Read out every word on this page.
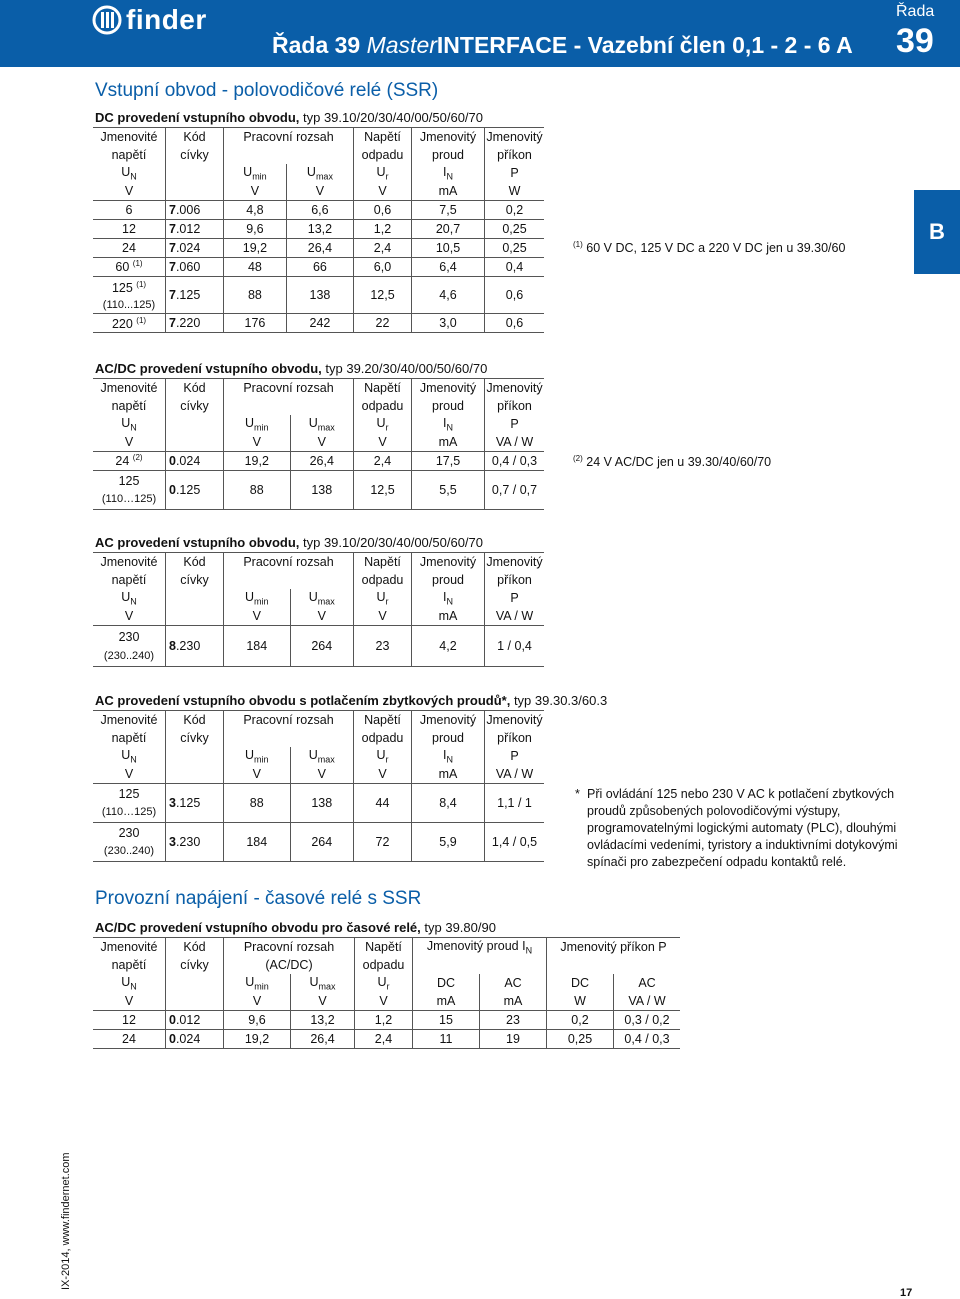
finder
Řada 39 MasterINTERFACE - Vazební člen 0,1 - 2 - 6 A
Řada
39
B
Vstupní obvod - polovodičové relé (SSR)
DC provedení vstupního obvodu, typ 39.10/20/30/40/00/50/60/70
Jmenovité	Kód	Pracovní rozsah		Napětí	Jmenovitý	Jmenovitý
napětí	cívky			odpadu	proud	příkon
$U_N$		$U_{min}$	$U_{max}$	$U_r$	$I_N$	P
V		V	V	V	mA	W
6	7.006	4,8	6,6	0,6	7,5	0,2
12	7.012	9,6	13,2	1,2	20,7	0,25
24	7.024	19,2	26,4	2,4	10,5	0,25
60 $^{(1)}$	7.060	48	66	6,0	6,4	0,4
125 $^{(1)}$
(110...125)	7.125	88	138	12,5	4,6	0,6
220 $^{(1)}$	7.220	176	242	22	3,0	0,6
$^{(1)}$ 60 V DC, 125 V DC a 220 V DC jen u 39.30/60
AC/DC provedení vstupního obvodu, typ 39.20/30/40/00/50/60/70
Jmenovité	Kód	Pracovní rozsah		Napětí	Jmenovitý	Jmenovitý
napětí	cívky			odpadu	proud	příkon
$U_N$		$U_{min}$	$U_{max}$	$U_r$	$I_N$	P
V		V	V	V	mA	VA / W
24 $^{(2)}$	0.024	19,2	26,4	2,4	17,5	0,4 / 0,3
125
(110…125)	0.125	88	138	12,5	5,5	0,7 / 0,7
$^{(2)}$ 24 V AC/DC jen u 39.30/40/60/70
AC provedení vstupního obvodu, typ 39.10/20/30/40/00/50/60/70
Jmenovité	Kód	Pracovní rozsah		Napětí	Jmenovitý	Jmenovitý
napětí	cívky			odpadu	proud	příkon
$U_N$		$U_{min}$	$U_{max}$	$U_r$	$I_N$	P
V		V	V	V	mA	VA / W
230
(230..240)	8.230	184	264	23	4,2	1 / 0,4
AC provedení vstupního obvodu s potlačením zbytkových proudů*, typ 39.30.3/60.3
Jmenovité	Kód	Pracovní rozsah		Napětí	Jmenovitý	Jmenovitý
napětí	cívky			odpadu	proud	příkon
$U_N$		$U_{min}$	$U_{max}$	$U_r$	$I_N$	P
V		V	V	V	mA	VA / W
125
(110…125)	3.125	88	138	44	8,4	1,1 / 1
230
(230..240)	3.230	184	264	72	5,9	1,4 / 0,5
* Při ovládání 125 nebo 230 V AC k potlačení zbytkových proudů způsobených polovodičovými výstupy, programovatelnými logickými automaty (PLC), dlouhými ovládacími vedeními, tyristory a induktivními dotykovými spínači pro zabezpečení odpadu kontaktů relé.
Provozní napájení - časové relé s SSR
AC/DC provedení vstupního obvodu pro časové relé, typ 39.80/90
Jmenovité	Kód	Pracovní rozsah		Napětí	Jmenovitý proud $I_N$		Jmenovitý příkon P	
napětí	cívky	(AC/DC)		odpadu				
$U_N$		$U_{min}$	$U_{max}$	$U_r$	DC	AC	DC	AC
V		V	V	V	mA	mA	W	VA / W
12	0.012	9,6	13,2	1,2	15	23	0,2	0,3 / 0,2
24	0.024	19,2	26,4	2,4	11	19	0,25	0,4 / 0,3
IX-2014, www.findernet.com
17
